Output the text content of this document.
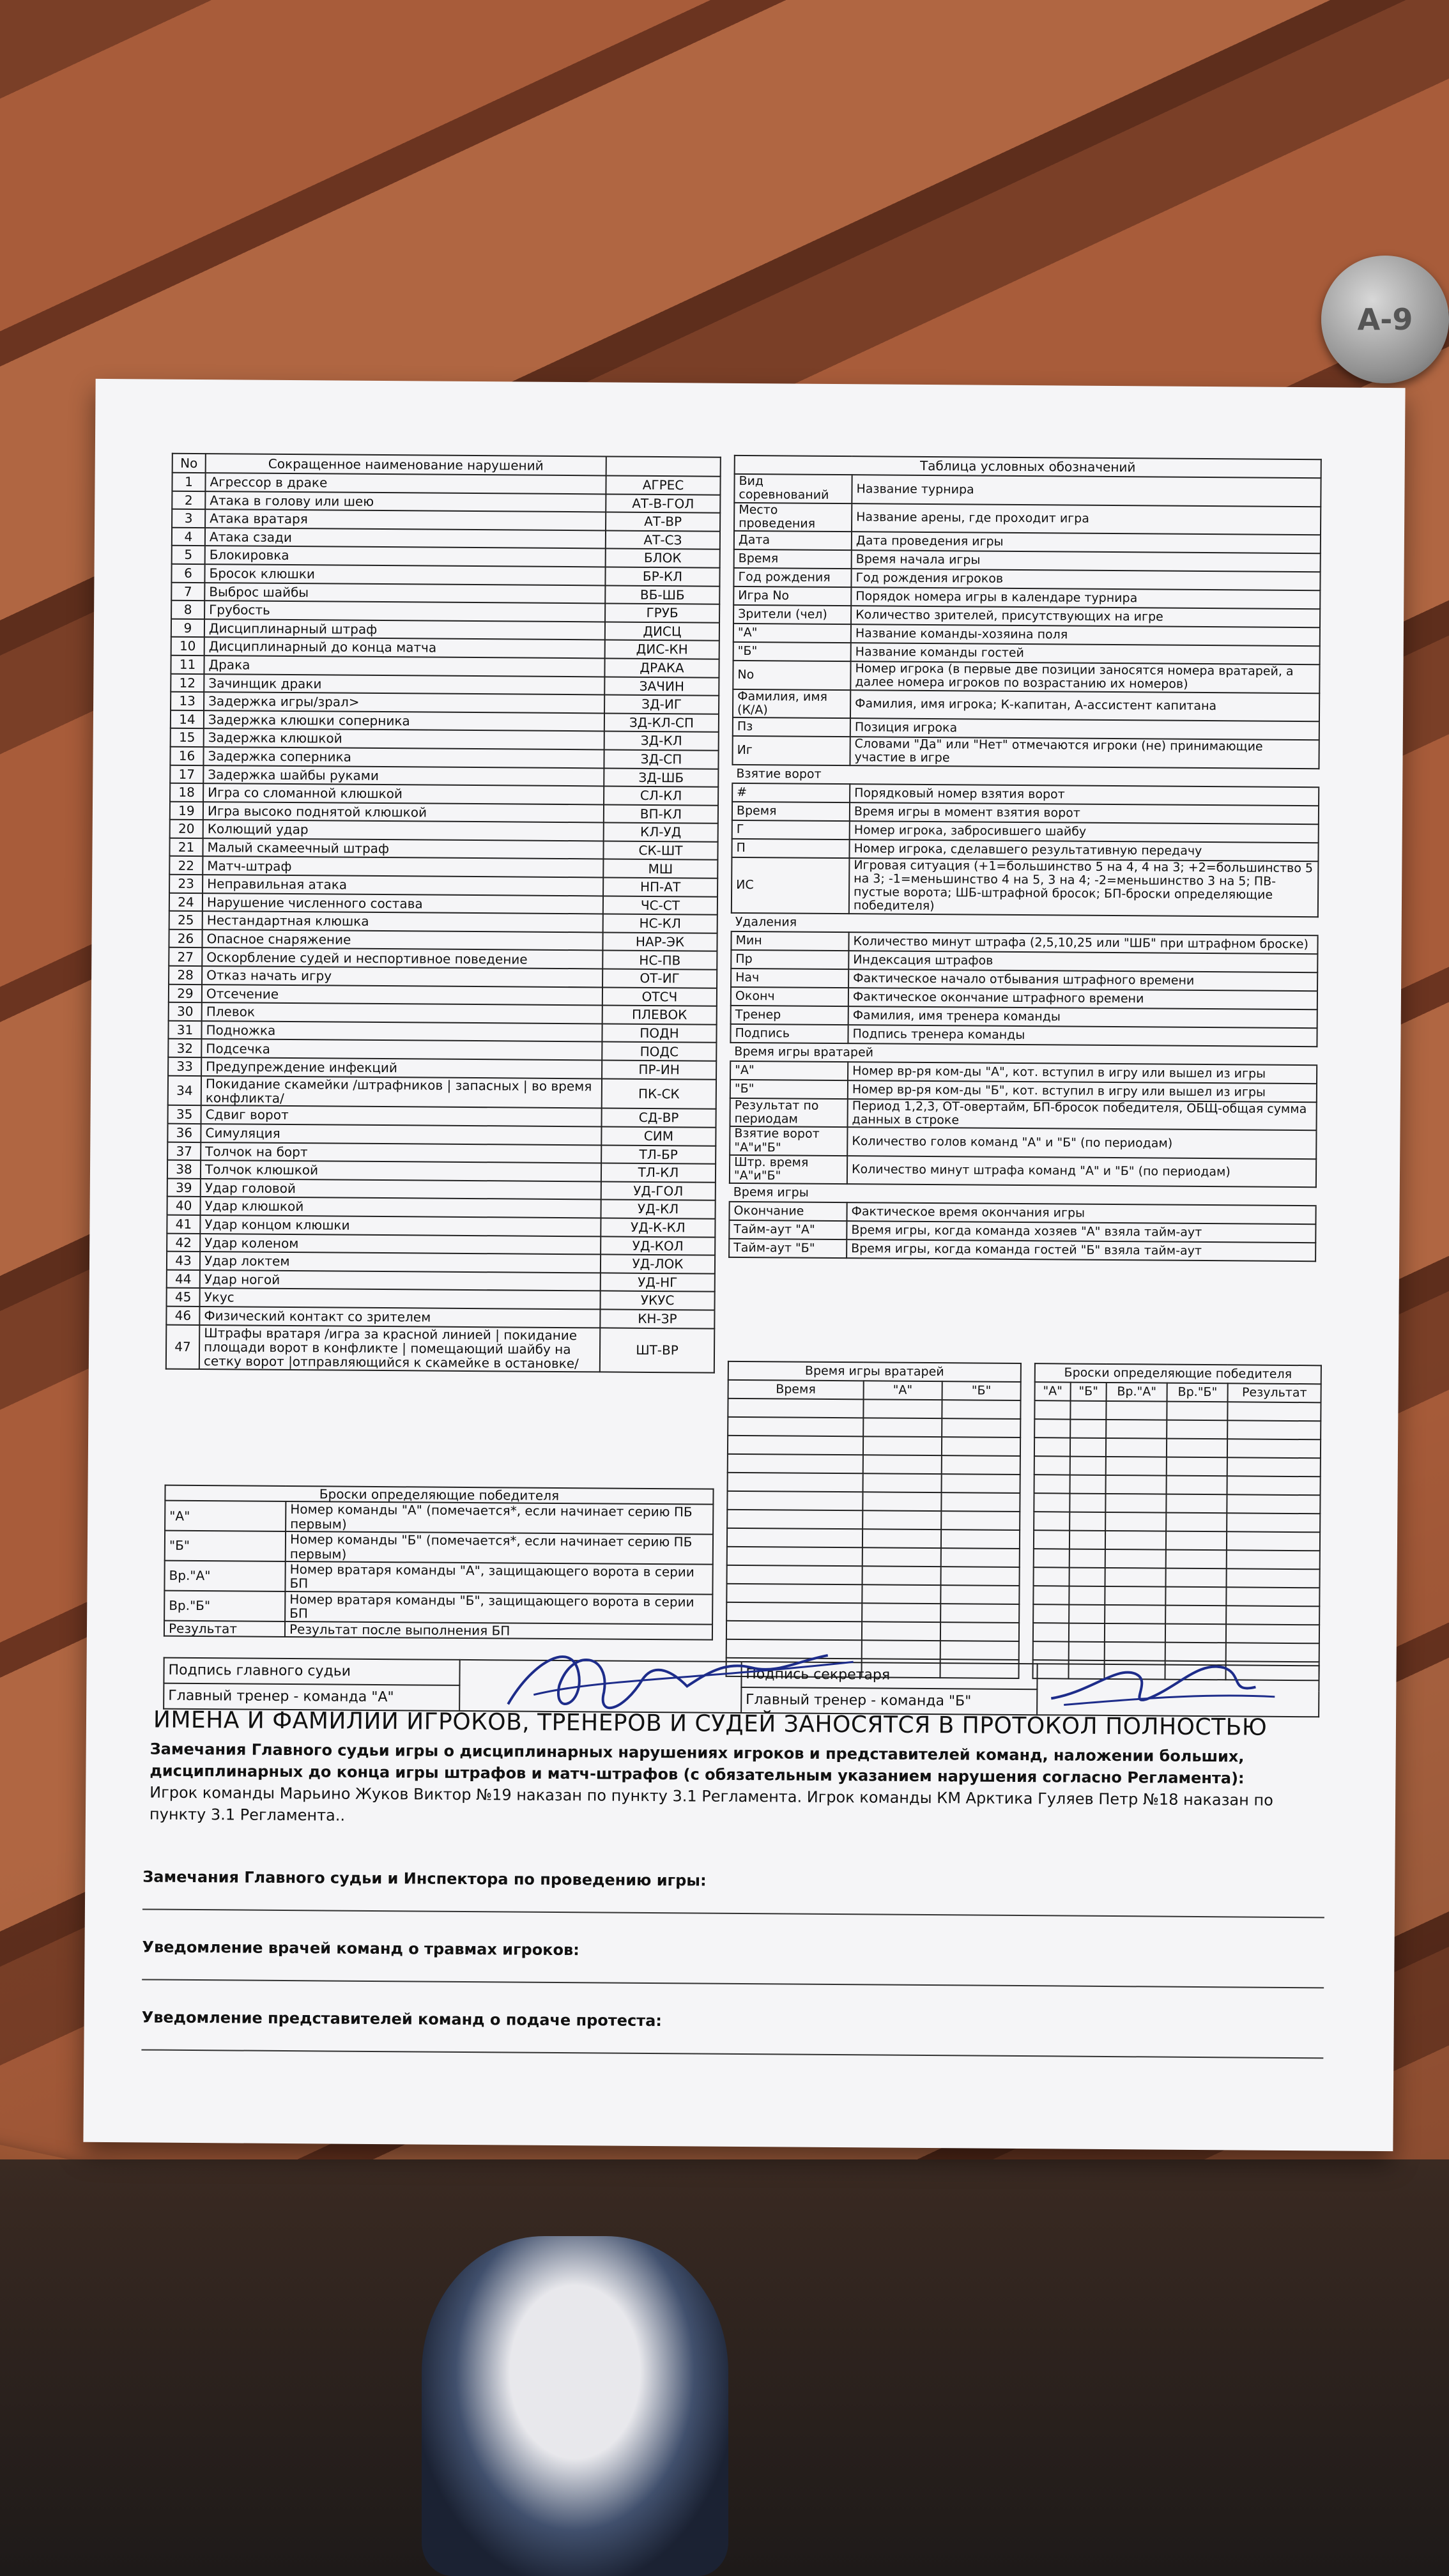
A-9
No	Сокращенное наименование нарушений	
1	Агрессор в драке	АГРЕС
2	Атака в голову или шею	АТ-В-ГОЛ
3	Атака вратаря	АТ-ВР
4	Атака сзади	АТ-СЗ
5	Блокировка	БЛОК
6	Бросок клюшки	БР-КЛ
7	Выброс шайбы	ВБ-ШБ
8	Грубость	ГРУБ
9	Дисциплинарный штраф	ДИСЦ
10	Дисциплинарный до конца матча	ДИС-КН
11	Драка	ДРАКА
12	Зачинщик драки	ЗАЧИН
13	Задержка игры/зрал>	ЗД-ИГ
14	Задержка клюшки соперника	ЗД-КЛ-СП
15	Задержка клюшкой	ЗД-КЛ
16	Задержка соперника	ЗД-СП
17	Задержка шайбы руками	ЗД-ШБ
18	Игра со сломанной клюшкой	СЛ-КЛ
19	Игра высоко поднятой клюшкой	ВП-КЛ
20	Колющий удар	КЛ-УД
21	Малый скамеечный штраф	СК-ШТ
22	Матч-штраф	МШ
23	Неправильная атака	НП-АТ
24	Нарушение численного состава	ЧС-СТ
25	Нестандартная клюшка	НС-КЛ
26	Опасное снаряжение	НАР-ЭК
27	Оскорбление судей и неспортивное поведение	НС-ПВ
28	Отказ начать игру	ОТ-ИГ
29	Отсечение	ОТСЧ
30	Плевок	ПЛЕВОК
31	Подножка	ПОДН
32	Подсечка	ПОДС
33	Предупреждение инфекций	ПР-ИН
34	Покидание скамейки /штрафников | запасных | во время конфликта/	ПК-СК
35	Сдвиг ворот	СД-ВР
36	Симуляция	СИМ
37	Толчок на борт	ТЛ-БР
38	Толчок клюшкой	ТЛ-КЛ
39	Удар головой	УД-ГОЛ
40	Удар клюшкой	УД-КЛ
41	Удар концом клюшки	УД-К-КЛ
42	Удар коленом	УД-КОЛ
43	Удар локтем	УД-ЛОК
44	Удар ногой	УД-НГ
45	Укус	УКУС
46	Физический контакт со зрителем	КН-ЗР
47	Штрафы вратаря /игра за красной линией | покидание площади ворот в конфликте | помещающий шайбу на сетку ворот |отправляющийся к скамейке в остановке/	ШТ-ВР
Таблица условных обозначений	
Вид соревнований	Название турнира
Место проведения	Название арены, где проходит игра
Дата	Дата проведения игры
Время	Время начала игры
Год рождения	Год рождения игроков
Игра No	Порядок номера игры в календаре турнира
Зрители (чел)	Количество зрителей, присутствующих на игре
"А"	Название команды-хозяина поля
"Б"	Название команды гостей
No	Номер игрока (в первые две позиции заносятся номера вратарей, а далее номера игроков по возрастанию их номеров)
Фамилия, имя (К/А)	Фамилия, имя игрока; К-капитан, А-ассистент капитана
Пз	Позиция игрока
Иг	Словами "Да" или "Нет" отмечаются игроки (не) принимающие участие в игре
Взятие ворот	
#	Порядковый номер взятия ворот
Время	Время игры в момент взятия ворот
Г	Номер игрока, забросившего шайбу
П	Номер игрока, сделавшего результативную передачу
ИС	Игровая ситуация (+1=большинство 5 на 4, 4 на 3; +2=большинство 5 на 3; -1=меньшинство 4 на 5, 3 на 4; -2=меньшинство 3 на 5; ПВ- пустые ворота; ШБ-штрафной бросок; БП-броски определяющие победителя)
Удаления	
Мин	Количество минут штрафа (2,5,10,25 или "ШБ" при штрафном броске)
Пр	Индексация штрафов
Нач	Фактическое начало отбывания штрафного времени
Оконч	Фактическое окончание штрафного времени
Тренер	Фамилия, имя тренера команды
Подпись	Подпись тренера команды
Время игры вратарей	
"А"	Номер вр-ря ком-ды "А", кот. вступил в игру или вышел из игры
"Б"	Номер вр-ря ком-ды "Б", кот. вступил в игру или вышел из игры
Результат по периодам	Период 1,2,3, ОТ-овертайм, БП-бросок победителя, ОБЩ-общая сумма данных в строке
Взятие ворот "А"и"Б"	Количество голов команд "А" и "Б" (по периодам)
Штр. время "А"и"Б"	Количество минут штрафа команд "А" и "Б" (по периодам)
Время игры	
Окончание	Фактическое время окончания игры
Тайм-аут "А"	Время игры, когда команда хозяев "А" взяла тайм-аут
Тайм-аут "Б"	Время игры, когда команда гостей "Б" взяла тайм-аут
Время игры вратарей		
Время	"А"	"Б"

Броски определяющие победителя				
"А"	"Б"	Вр."А"	Вр."Б"	Результат

Броски определяющие победителя	
"А"	Номер команды "А" (помечается*, если начинает серию ПБ первым)
"Б"	Номер команды "Б" (помечается*, если начинает серию ПБ первым)
Вр."А"	Номер вратаря команды "А", защищающего ворота в серии БП
Вр."Б"	Номер вратаря команды "Б", защищающего ворота в серии БП
Результат	Результат после выполнения БП
Подпись главного судьи		Подпись секретаря	
Главный тренер - команда "А"		Главный тренер - команда "Б"	
ИМЕНА И ФАМИЛИИ ИГРОКОВ, ТРЕНЕРОВ И СУДЕЙ ЗАНОСЯТСЯ В ПРОТОКОЛ ПОЛНОСТЬЮ
Замечания Главного судьи игры о дисциплинарных нарушениях игроков и представителей команд, наложении больших, дисциплинарных до конца игры штрафов и матч-штрафов (с обязательным указанием нарушения согласно Регламента):
Игрок команды Марьино Жуков Виктор №19 наказан по пункту 3.1 Регламента. Игрок команды КМ Арктика Гуляев Петр №18 наказан по пункту 3.1 Регламента..
Замечания Главного судьи и Инспектора по проведению игры:
Уведомление врачей команд о травмах игроков:
Уведомление представителей команд о подаче протеста:
